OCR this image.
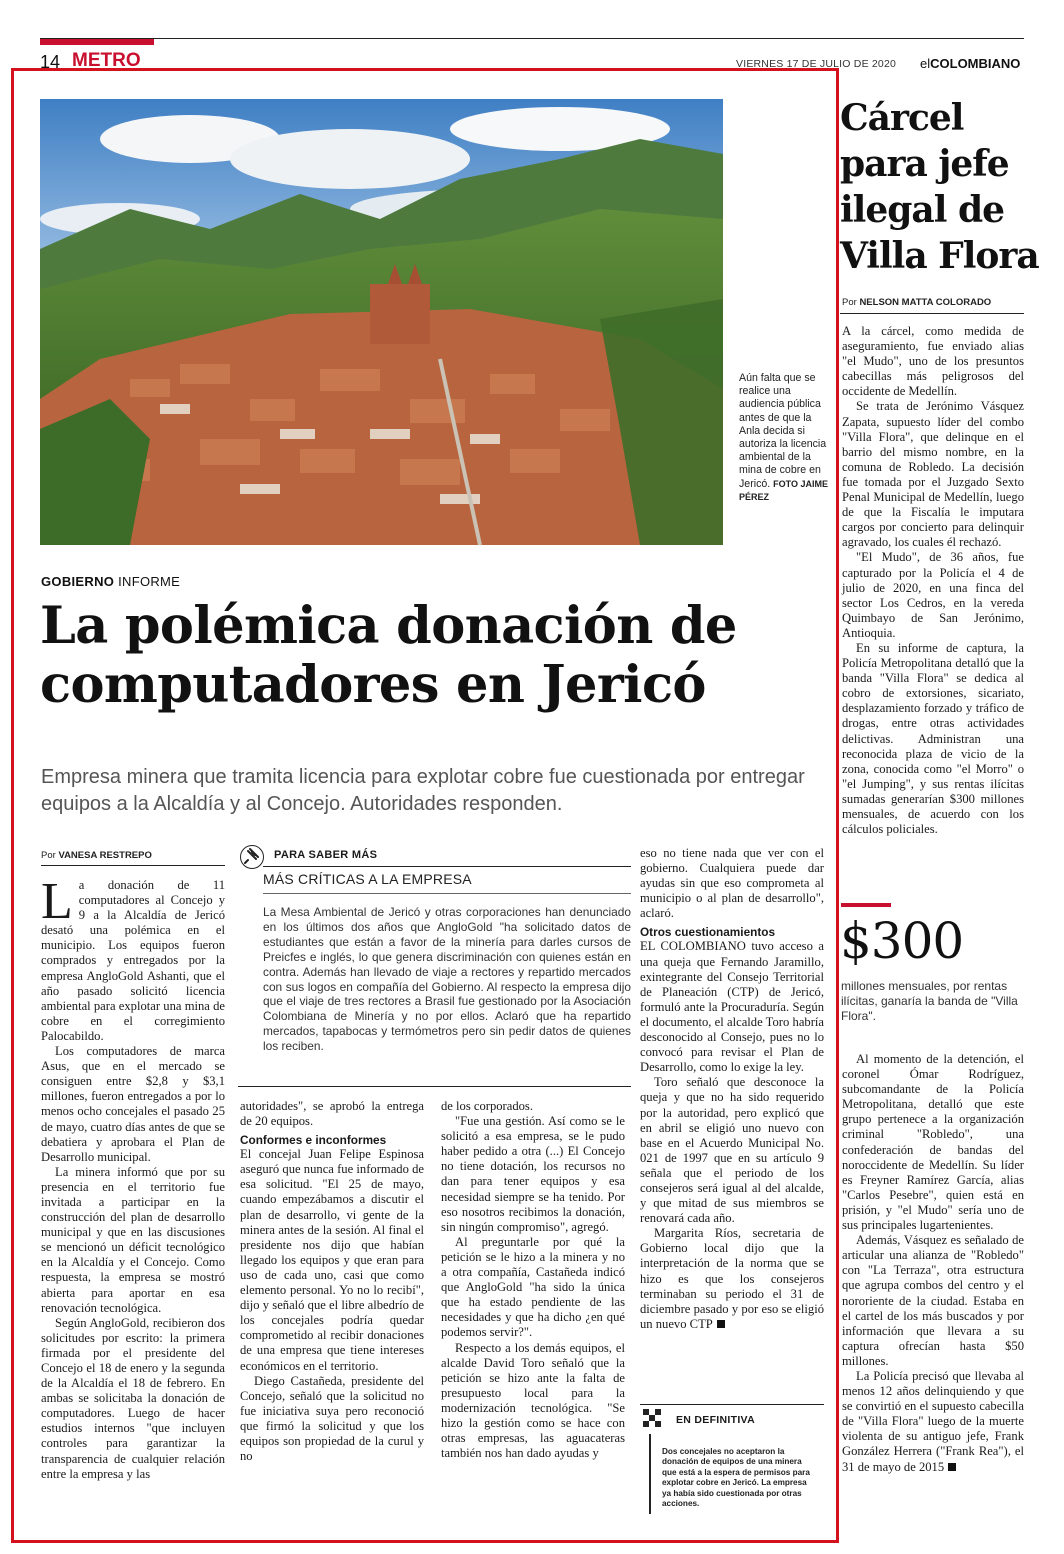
14 METRO	VIERNES 17 DE JULIO DE 2020 elCOLOMBIANO
Aún falta que se realice una audiencia pública antes de que la Anla decida si autoriza la licencia ambiental de la mina de cobre en Jericó. FOTO JAIME PÉREZ
GOBIERNO INFORME
La polémica donación de computadores en Jericó
Empresa minera que tramita licencia para explotar cobre fue cuestionada por entregar equipos a la Alcaldía y al Concejo. Autoridades responden.
Por VANESA RESTREPO

La donación de 11 computadores al Concejo y 9 a la Alcaldía de Jericó desató una polémica en el municipio. Los equipos fueron comprados y entregados por la empresa AngloGold Ashanti, que el año pasado solicitó licencia ambiental para explotar una mina de cobre en el corregimiento Palocabildo.

Los computadores de marca Asus, que en el mercado se consiguen entre $2,8 y $3,1 millones, fueron entregados a por lo menos ocho concejales el pasado 25 de mayo, cuatro días antes de que se debatiera y aprobara el Plan de Desarrollo municipal.

La minera informó que por su presencia en el territorio fue invitada a participar en la construcción del plan de desarrollo municipal y que en las discusiones se mencionó un déficit tecnológico en la Alcaldía y el Concejo. Como respuesta, la empresa se mostró abierta para aportar en esa renovación tecnológica.

Según AngloGold, recibieron dos solicitudes por escrito: la primera firmada por el presidente del Concejo el 18 de enero y la segunda de la Alcaldía el 18 de febrero. En ambas se solicitaba la donación de computadores. Luego de hacer estudios internos "que incluyen controles para garantizar la transparencia de cualquier relación entre la empresa y las

PARA SABER MÁS
MÁS CRÍTICAS A LA EMPRESA
La Mesa Ambiental de Jericó y otras corporaciones han denunciado en los últimos dos años que AngloGold "ha solicitado datos de estudiantes que están a favor de la minería para darles cursos de Preicfes e inglés, lo que genera discriminación con quienes están en contra. Además han llevado de viaje a rectores y repartido mercados con sus logos en compañía del Gobierno. Al respecto la empresa dijo que el viaje de tres rectores a Brasil fue gestionado por la Asociación Colombiana de Minería y no por ellos. Aclaró que ha repartido mercados, tapabocas y termómetros pero sin pedir datos de quienes los reciben.

autoridades", se aprobó la entrega de 20 equipos.

Conformes e inconformes

El concejal Juan Felipe Espinosa aseguró que nunca fue informado de esa solicitud. "El 25 de mayo, cuando empezábamos a discutir el plan de desarrollo, vi gente de la minera antes de la sesión. Al final el presidente nos dijo que habían llegado los equipos y que eran para uso de cada uno, casi que como elemento personal. Yo no lo recibí", dijo y señaló que el libre albedrío de los concejales podría quedar comprometido al recibir donaciones de una empresa que tiene intereses económicos en el territorio.

Diego Castañeda, presidente del Concejo, señaló que la solicitud no fue iniciativa suya pero reconoció que firmó la solicitud y que los equipos son propiedad de la curul y no

de los corporados.

"Fue una gestión. Así como se le solicitó a esa empresa, se le pudo haber pedido a otra (...) El Concejo no tiene dotación, los recursos no dan para tener equipos y esa necesidad siempre se ha tenido. Por eso nosotros recibimos la donación, sin ningún compromiso", agregó.

Al preguntarle por qué la petición se le hizo a la minera y no a otra compañía, Castañeda indicó que AngloGold "ha sido la única que ha estado pendiente de las necesidades y que ha dicho ¿en qué podemos servir?".

Respecto a los demás equipos, el alcalde David Toro señaló que la petición se hizo ante la falta de presupuesto local para la modernización tecnológica. "Se hizo la gestión como se hace con otras empresas, las aguacateras también nos han dado ayudas y

eso no tiene nada que ver con el gobierno. Cualquiera puede dar ayudas sin que eso comprometa al municipio o al plan de desarrollo", aclaró.

Otros cuestionamientos

EL COLOMBIANO tuvo acceso a una queja que Fernando Jaramillo, exintegrante del Consejo Territorial de Planeación (CTP) de Jericó, formuló ante la Procuraduría. Según el documento, el alcalde Toro habría desconocido al Consejo, pues no lo convocó para revisar el Plan de Desarrollo, como lo exige la ley.

Toro señaló que desconoce la queja y que no ha sido requerido por la autoridad, pero explicó que en abril se eligió uno nuevo con base en el Acuerdo Municipal No. 021 de 1997 que en su artículo 9 señala que el periodo de los consejeros será igual al del alcalde, y que mitad de sus miembros se renovará cada año.

Margarita Ríos, secretaria de Gobierno local dijo que la interpretación de la norma que se hizo es que los consejeros terminaban su periodo el 31 de diciembre pasado y por eso se eligió un nuevo CTP

EN DEFINITIVA
Dos concejales no aceptaron la donación de equipos de una minera que está a la espera de permisos para explotar cobre en Jericó. La empresa ya había sido cuestionada por otras acciones.
Cárcel para jefe ilegal de Villa Flora
Por NELSON MATTA COLORADO

A la cárcel, como medida de aseguramiento, fue enviado alias "el Mudo", uno de los presuntos cabecillas más peligrosos del occidente de Medellín.

Se trata de Jerónimo Vásquez Zapata, supuesto líder del combo "Villa Flora", que delinque en el barrio del mismo nombre, en la comuna de Robledo. La decisión fue tomada por el Juzgado Sexto Penal Municipal de Medellín, luego de que la Fiscalía le imputara cargos por concierto para delinquir agravado, los cuales él rechazó.

"El Mudo", de 36 años, fue capturado por la Policía el 4 de julio de 2020, en una finca del sector Los Cedros, en la vereda Quimbayo de San Jerónimo, Antioquia.

En su informe de captura, la Policía Metropolitana detalló que la banda "Villa Flora" se dedica al cobro de extorsiones, sicariato, desplazamiento forzado y tráfico de drogas, entre otras actividades delictivas. Administran una reconocida plaza de vicio de la zona, conocida como "el Morro" o "el Jumping", y sus rentas ilícitas sumadas generarían $300 millones mensuales, de acuerdo con los cálculos policiales.

$300
millones mensuales, por rentas ilícitas, ganaría la banda de "Villa Flora".

Al momento de la detención, el coronel Ómar Rodríguez, subcomandante de la Policía Metropolitana, detalló que este grupo pertenece a la organización criminal "Robledo", una confederación de bandas del noroccidente de Medellín. Su líder es Freyner Ramírez García, alias "Carlos Pesebre", quien está en prisión, y "el Mudo" sería uno de sus principales lugartenientes.

Además, Vásquez es señalado de articular una alianza de "Robledo" con "La Terraza", otra estructura que agrupa combos del centro y el nororiente de la ciudad. Estaba en el cartel de los más buscados y por información que llevara a su captura ofrecían hasta $50 millones.

La Policía precisó que llevaba al menos 12 años delinquiendo y que se convirtió en el supuesto cabecilla de "Villa Flora" luego de la muerte violenta de su antiguo jefe, Frank González Herrera ("Frank Rea"), el 31 de mayo de 2015
